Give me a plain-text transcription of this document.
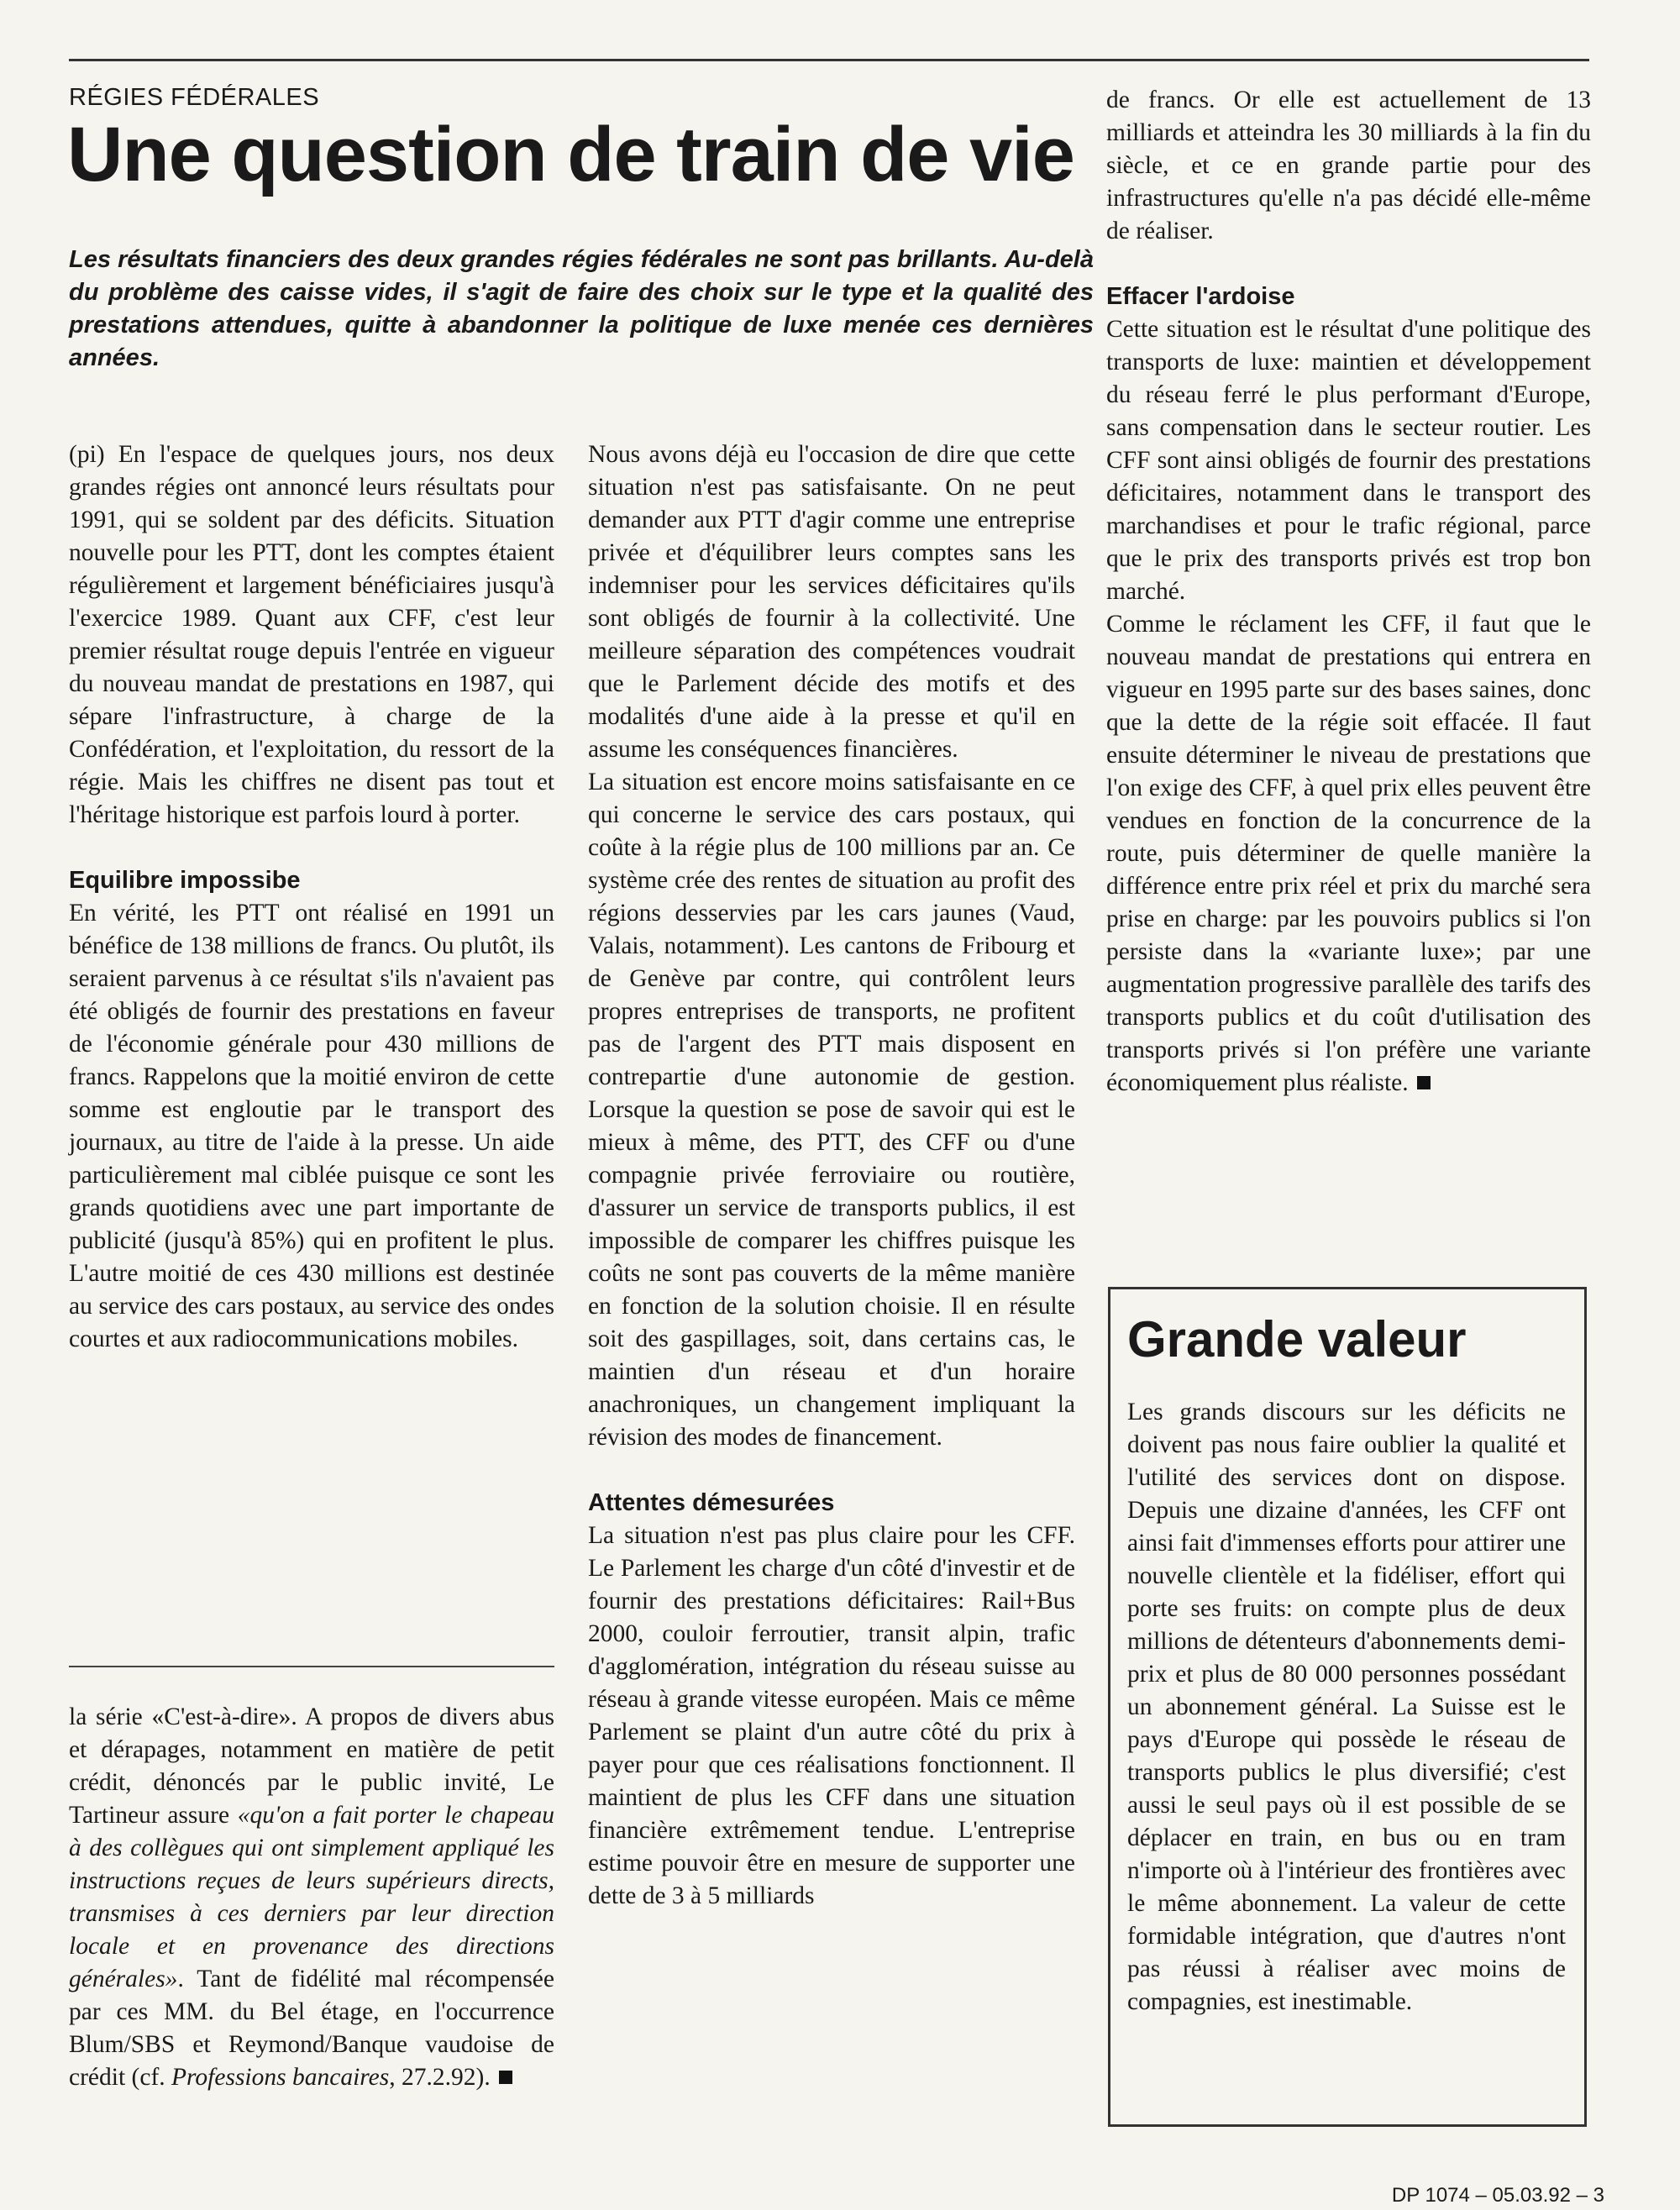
RÉGIES FÉDÉRALES
Une question de train de vie

Les résultats financiers des deux grandes régies fédérales ne sont pas brillants. Au-delà du problème des caisse vides, il s'agit de faire des choix sur le type et la qualité des prestations attendues, quitte à abandonner la politique de luxe menée ces dernières années.

(pi) En l'espace de quelques jours, nos deux grandes régies ont annoncé leurs résultats pour 1991, qui se soldent par des déficits. Situation nouvelle pour les PTT, dont les comptes étaient régulièrement et largement bénéficiaires jusqu'à l'exercice 1989. Quant aux CFF, c'est leur premier résultat rouge depuis l'entrée en vigueur du nouveau mandat de prestations en 1987, qui sépare l'infrastructure, à charge de la Confédération, et l'exploitation, du ressort de la régie. Mais les chiffres ne disent pas tout et l'héritage historique est parfois lourd à porter.

Equilibre impossibe

En vérité, les PTT ont réalisé en 1991 un bénéfice de 138 millions de francs. Ou plutôt, ils seraient parvenus à ce résultat s'ils n'avaient pas été obligés de fournir des prestations en faveur de l'économie générale pour 430 millions de francs. Rappelons que la moitié environ de cette somme est engloutie par le transport des journaux, au titre de l'aide à la presse. Un aide particulièrement mal ciblée puisque ce sont les grands quotidiens avec une part importante de publicité (jusqu'à 85%) qui en profitent le plus. L'autre moitié de ces 430 millions est destinée au service des cars postaux, au service des ondes courtes et aux radiocommunications mobiles.

Nous avons déjà eu l'occasion de dire que cette situation n'est pas satisfaisante. On ne peut demander aux PTT d'agir comme une entreprise privée et d'équilibrer leurs comptes sans les indemniser pour les services déficitaires qu'ils sont obligés de fournir à la collectivité. Une meilleure séparation des compétences voudrait que le Parlement décide des motifs et des modalités d'une aide à la presse et qu'il en assume les conséquences financières.

La situation est encore moins satisfaisante en ce qui concerne le service des cars postaux, qui coûte à la régie plus de 100 millions par an. Ce système crée des rentes de situation au profit des régions desservies par les cars jaunes (Vaud, Valais, notamment). Les cantons de Fribourg et de Genève par contre, qui contrôlent leurs propres entreprises de transports, ne profitent pas de l'argent des PTT mais disposent en contrepartie d'une autonomie de gestion. Lorsque la question se pose de savoir qui est le mieux à même, des PTT, des CFF ou d'une compagnie privée ferroviaire ou routière, d'assurer un service de transports publics, il est impossible de comparer les chiffres puisque les coûts ne sont pas couverts de la même manière en fonction de la solution choisie. Il en résulte soit des gaspillages, soit, dans certains cas, le maintien d'un réseau et d'un horaire anachroniques, un changement impliquant la révision des modes de financement.

Attentes démesurées

La situation n'est pas plus claire pour les CFF. Le Parlement les charge d'un côté d'investir et de fournir des prestations déficitaires: Rail+Bus 2000, couloir ferroutier, transit alpin, trafic d'agglomération, intégration du réseau suisse au réseau à grande vitesse européen. Mais ce même Parlement se plaint d'un autre côté du prix à payer pour que ces réalisations fonctionnent. Il maintient de plus les CFF dans une situation financière extrêmement tendue. L'entreprise estime pouvoir être en mesure de supporter une dette de 3 à 5 milliards

de francs. Or elle est actuellement de 13 milliards et atteindra les 30 milliards à la fin du siècle, et ce en grande partie pour des infrastructures qu'elle n'a pas décidé elle-même de réaliser.

Effacer l'ardoise

Cette situation est le résultat d'une politique des transports de luxe: maintien et développement du réseau ferré le plus performant d'Europe, sans compensation dans le secteur routier. Les CFF sont ainsi obligés de fournir des prestations déficitaires, notamment dans le transport des marchandises et pour le trafic régional, parce que le prix des transports privés est trop bon marché.

Comme le réclament les CFF, il faut que le nouveau mandat de prestations qui entrera en vigueur en 1995 parte sur des bases saines, donc que la dette de la régie soit effacée. Il faut ensuite déterminer le niveau de prestations que l'on exige des CFF, à quel prix elles peuvent être vendues en fonction de la concurrence de la route, puis déterminer de quelle manière la différence entre prix réel et prix du marché sera prise en charge: par les pouvoirs publics si l'on persiste dans la «variante luxe»; par une augmentation progressive parallèle des tarifs des transports publics et du coût d'utilisation des transports privés si l'on préfère une variante économiquement plus réaliste.

la série «C'est-à-dire». A propos de divers abus et dérapages, notamment en matière de petit crédit, dénoncés par le public invité, Le Tartineur assure «qu'on a fait porter le chapeau à des collègues qui ont simplement appliqué les instructions reçues de leurs supérieurs directs, transmises à ces derniers par leur direction locale et en provenance des directions générales». Tant de fidélité mal récompensée par ces MM. du Bel étage, en l'occurrence Blum/SBS et Reymond/Banque vaudoise de crédit (cf. Professions bancaires, 27.2.92).

Grande valeur

Les grands discours sur les déficits ne doivent pas nous faire oublier la qualité et l'utilité des services dont on dispose. Depuis une dizaine d'années, les CFF ont ainsi fait d'immenses efforts pour attirer une nouvelle clientèle et la fidéliser, effort qui porte ses fruits: on compte plus de deux millions de détenteurs d'abonnements demi-prix et plus de 80 000 personnes possédant un abonnement général. La Suisse est le pays d'Europe qui possède le réseau de transports publics le plus diversifié; c'est aussi le seul pays où il est possible de se déplacer en train, en bus ou en tram n'importe où à l'intérieur des frontières avec le même abonnement. La valeur de cette formidable intégration, que d'autres n'ont pas réussi à réaliser avec moins de compagnies, est inestimable.

DP 1074 – 05.03.92 – 3
